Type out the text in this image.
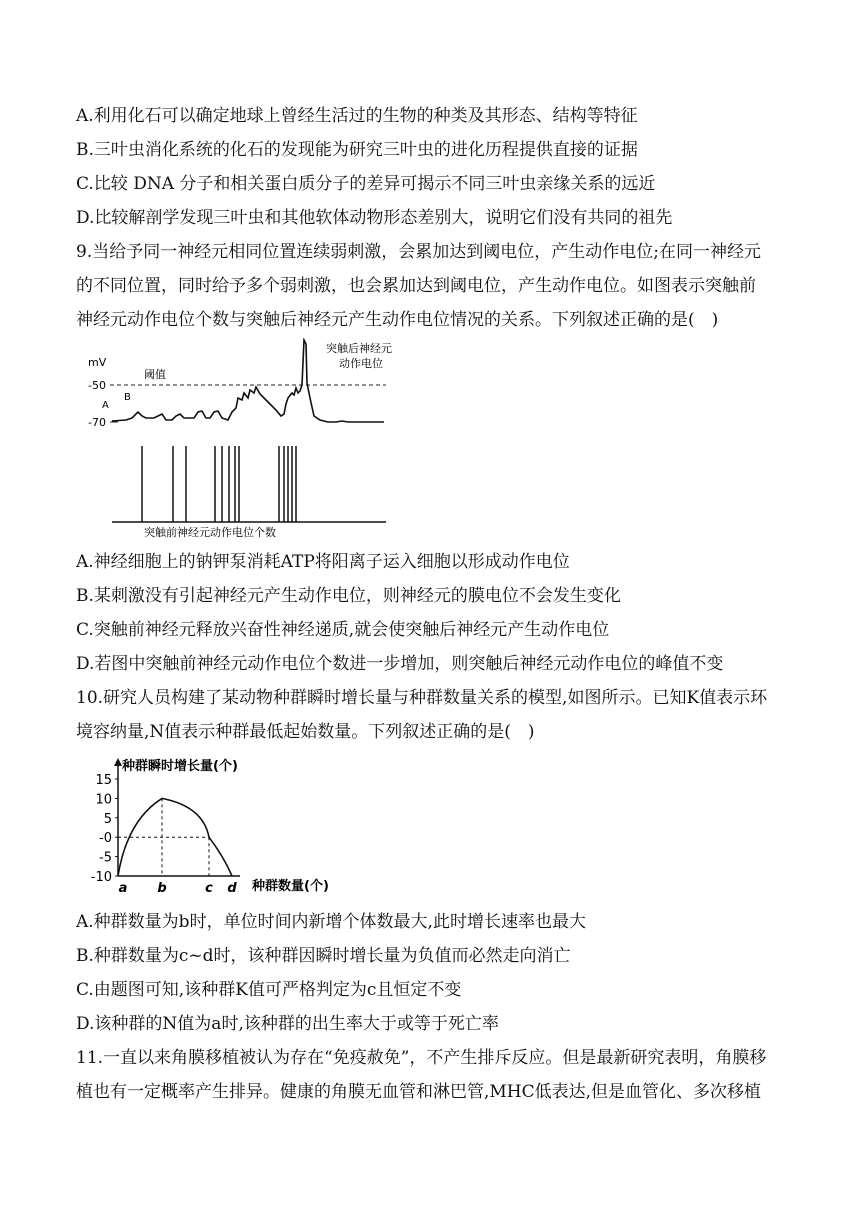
A.利用化石可以确定地球上曾经生活过的生物的种类及其形态、结构等特征
B.三叶虫消化系统的化石的发现能为研究三叶虫的进化历程提供直接的证据
C.比较 DNA 分子和相关蛋白质分子的差异可揭示不同三叶虫亲缘关系的远近
D.比较解剖学发现三叶虫和其他软体动物形态差别大，说明它们没有共同的祖先
9.当给予同一神经元相同位置连续弱刺激，会累加达到阈电位，产生动作电位;在同一神经元
的不同位置，同时给予多个弱刺激，也会累加达到阈电位，产生动作电位。如图表示突触前
神经元动作电位个数与突触后神经元产生动作电位情况的关系。下列叙述正确的是(　)
mV
-50
-70
阈值
A
B
突触后神经元
动作电位
突触前神经元动作电位个数
A.神经细胞上的钠钾泵消耗ATP将阳离子运入细胞以形成动作电位
B.某刺激没有引起神经元产生动作电位，则神经元的膜电位不会发生变化
C.突触前神经元释放兴奋性神经递质,就会使突触后神经元产生动作电位
D.若图中突触前神经元动作电位个数进一步增加，则突触后神经元动作电位的峰值不变
10.研究人员构建了某动物种群瞬时增长量与种群数量关系的模型,如图所示。已知K值表示环
境容纳量,N值表示种群最低起始数量。下列叙述正确的是(　)
种群瞬时增长量(个)
种群数量(个)
15
10
5
-0
-5
-10
a b	c d
A.种群数量为b时，单位时间内新增个体数最大,此时增长速率也最大
B.种群数量为c~d时，该种群因瞬时增长量为负值而必然走向消亡
C.由题图可知,该种群K值可严格判定为c且恒定不变
D.该种群的N值为a时,该种群的出生率大于或等于死亡率
11.一直以来角膜移植被认为存在“免疫赦免”，不产生排斥反应。但是最新研究表明，角膜移
植也有一定概率产生排异。健康的角膜无血管和淋巴管,MHC低表达,但是血管化、多次移植
